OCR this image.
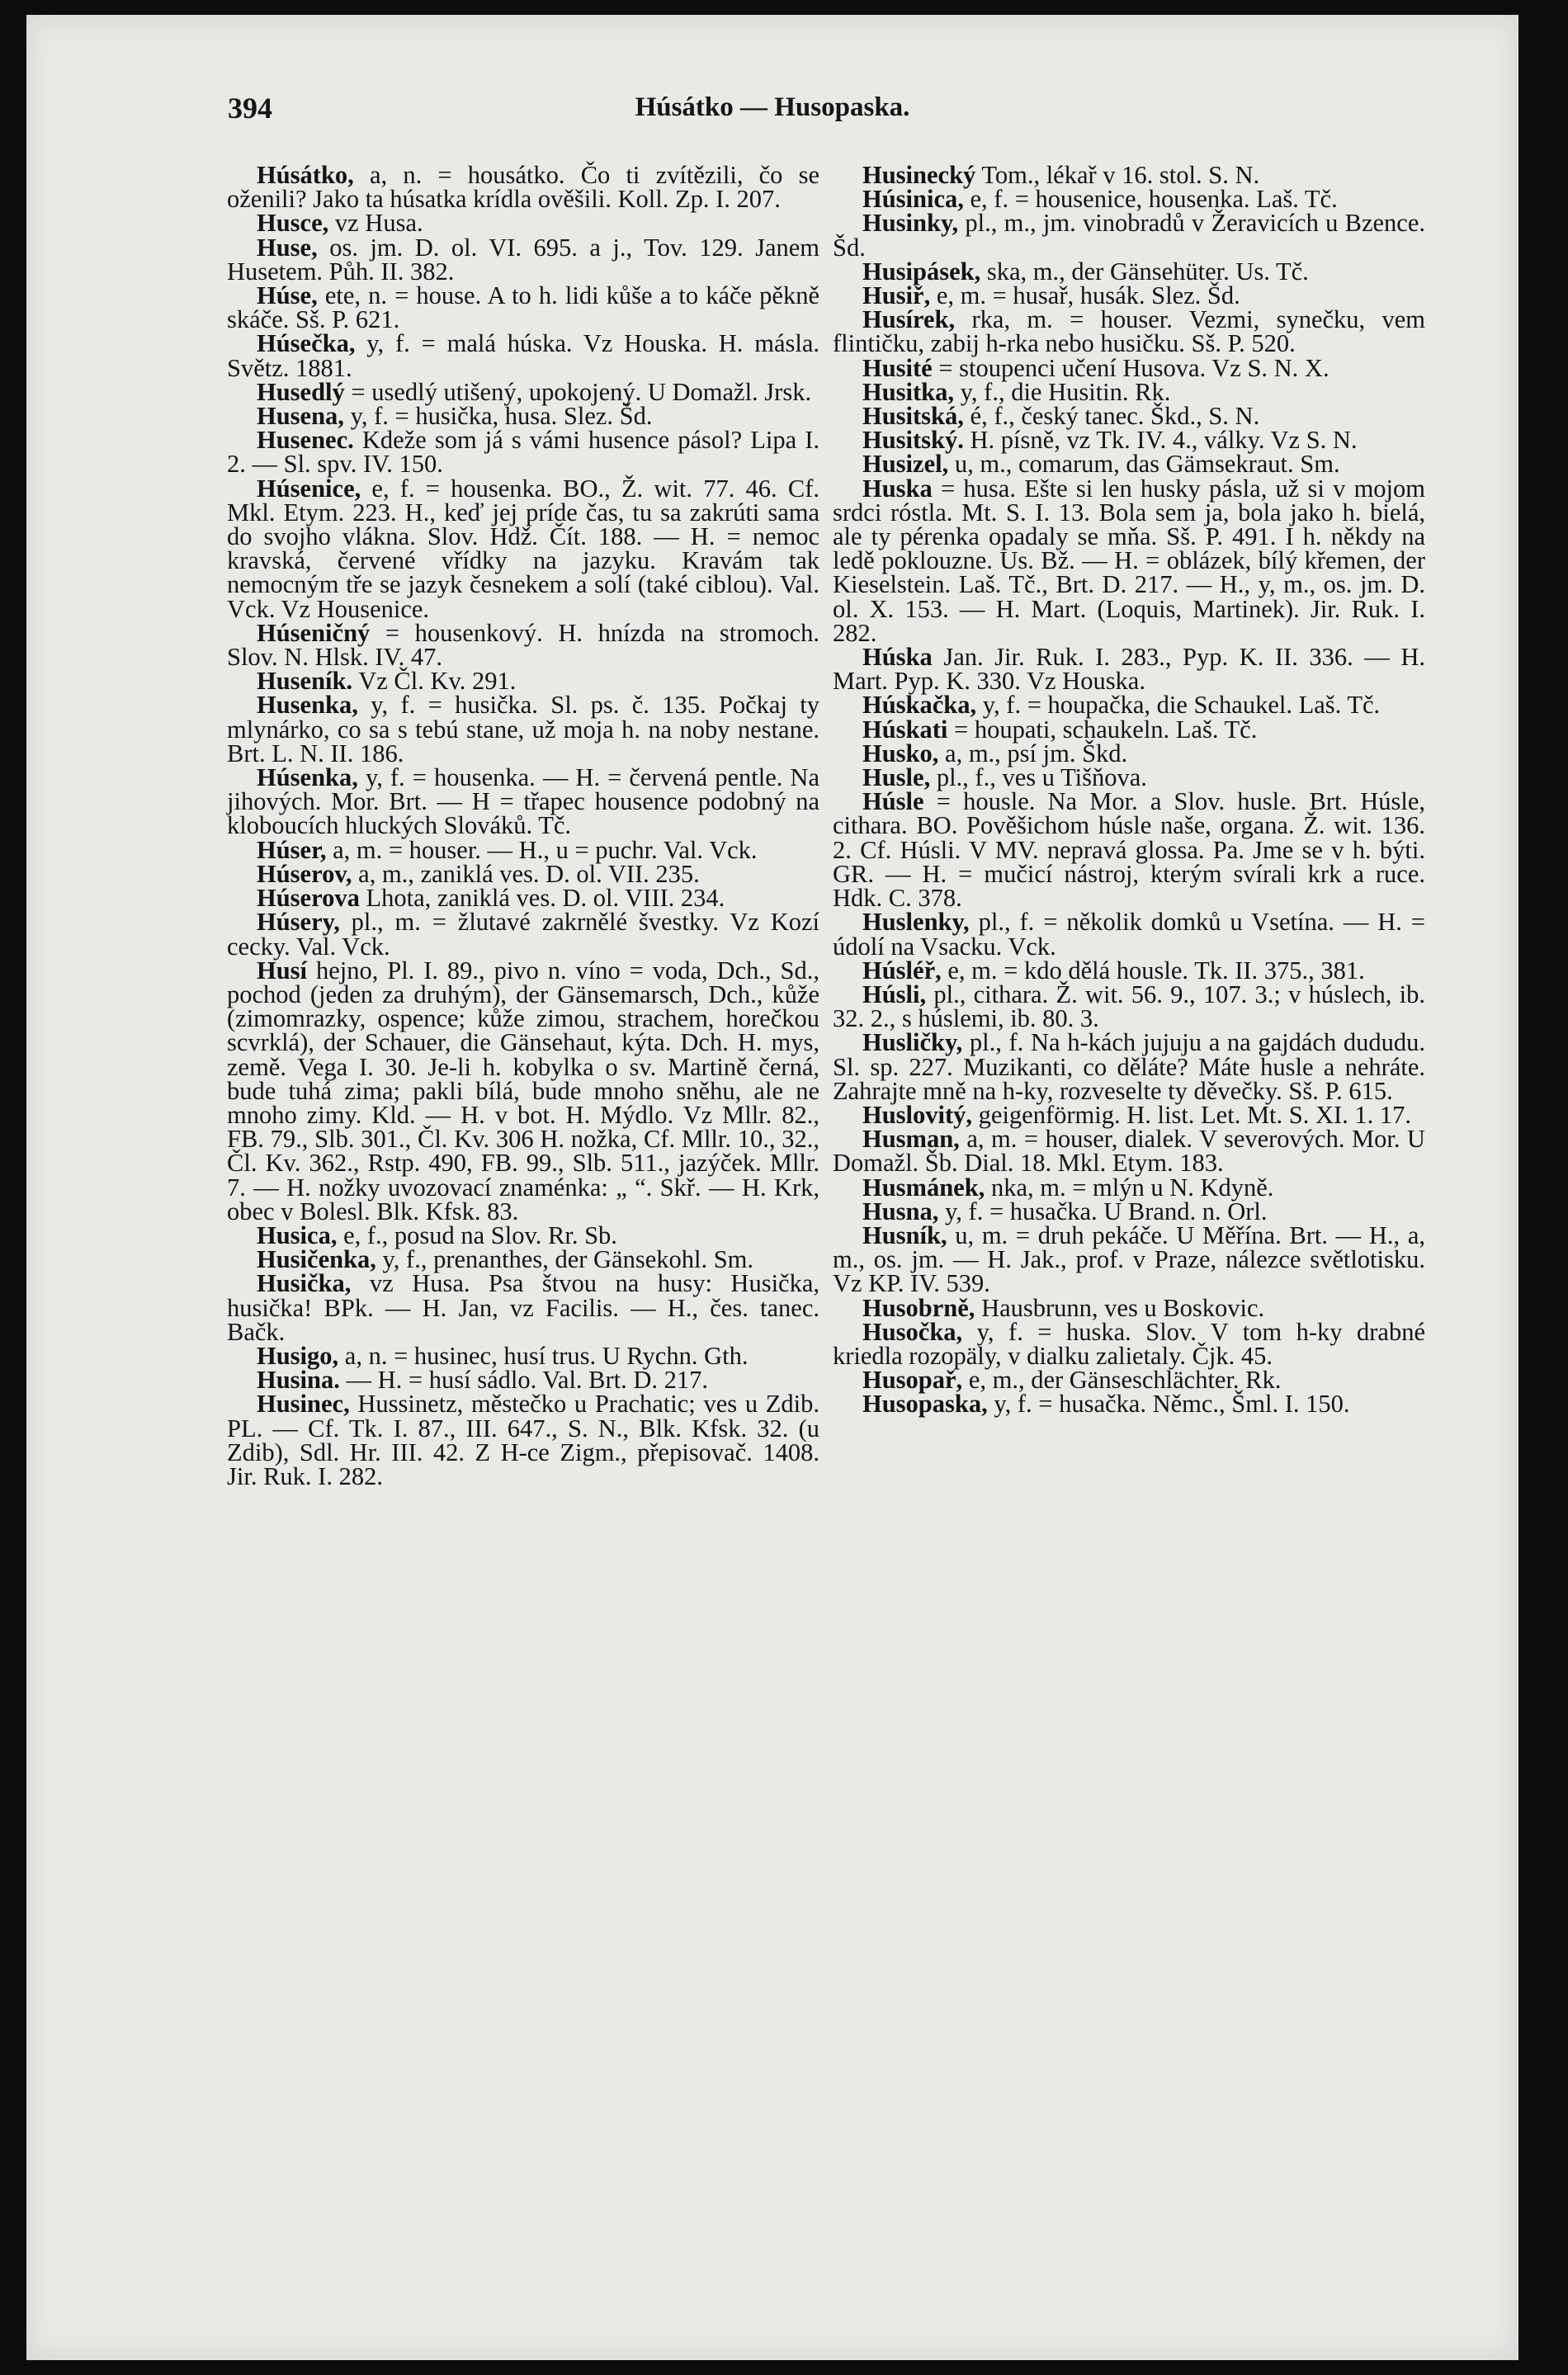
394	Húsátko — Husopaska.

Húsátko, a, n. = housátko. Čo ti zvítězili, čo se oženili? Jako ta húsatka krídla ověšili. Koll. Zp. I. 207.

Husce, vz Husa.

Huse, os. jm. D. ol. VI. 695. a j., Tov. 129. Janem Husetem. Půh. II. 382.

Húse, ete, n. = house. A to h. lidi kůše a to káče pěkně skáče. Sš. P. 621.

Húsečka, y, f. = malá húska. Vz Houska. H. másla. Světz. 1881.

Husedlý = usedlý utišený, upokojený. U Domažl. Jrsk.

Husena, y, f. = husička, husa. Slez. Šd.

Husenec. Kdeže som já s vámi husence pásol? Lipa I. 2. — Sl. spv. IV. 150.

Húsenice, e, f. = housenka. BO., Ž. wit. 77. 46. Cf. Mkl. Etym. 223. H., keď jej príde čas, tu sa zakrúti sama do svojho vlákna. Slov. Hdž. Čít. 188. — H. = nemoc kravská, červené vřídky na jazyku. Kravám tak nemocným tře se jazyk česnekem a solí (také ciblou). Val. Vck. Vz Housenice.

Húseničný = housenkový. H. hnízda na stromoch. Slov. N. Hlsk. IV. 47.

Huseník. Vz Čl. Kv. 291.

Husenka, y, f. = husička. Sl. ps. č. 135. Počkaj ty mlynárko, co sa s tebú stane, už moja h. na noby nestane. Brt. L. N. II. 186.

Húsenka, y, f. = housenka. — H. = červená pentle. Na jihových. Mor. Brt. — H = třapec housence podobný na kloboucích hluckých Slováků. Tč.

Húser, a, m. = houser. — H., u = puchr. Val. Vck.

Húserov, a, m., zaniklá ves. D. ol. VII. 235.

Húserova Lhota, zaniklá ves. D. ol. VIII. 234.

Húsery, pl., m. = žlutavé zakrnělé švestky. Vz Kozí cecky. Val. Vck.

Husí hejno, Pl. I. 89., pivo n. víno = voda, Dch., Sd., pochod (jeden za druhým), der Gänsemarsch, Dch., kůže (zimomrazky, ospence; kůže zimou, strachem, horečkou scvrklá), der Schauer, die Gänsehaut, kýta. Dch. H. mys, země. Vega I. 30. Je-li h. kobylka o sv. Martině černá, bude tuhá zima; pakli bílá, bude mnoho sněhu, ale ne mnoho zimy. Kld. — H. v bot. H. Mýdlo. Vz Mllr. 82., FB. 79., Slb. 301., Čl. Kv. 306 H. nožka, Cf. Mllr. 10., 32., Čl. Kv. 362., Rstp. 490, FB. 99., Slb. 511., jazýček. Mllr. 7. — H. nožky uvozovací znaménka: „ “. Skř. — H. Krk, obec v Bolesl. Blk. Kfsk. 83.

Husica, e, f., posud na Slov. Rr. Sb.

Husičenka, y, f., prenanthes, der Gänsekohl. Sm.

Husička, vz Husa. Psa štvou na husy: Husička, husička! BPk. — H. Jan, vz Facilis. — H., čes. tanec. Bačk.

Husigo, a, n. = husinec, husí trus. U Rychn. Gth.

Husina. — H. = husí sádlo. Val. Brt. D. 217.

Husinec, Hussinetz, městečko u Prachatic; ves u Zdib. PL. — Cf. Tk. I. 87., III. 647., S. N., Blk. Kfsk. 32. (u Zdib), Sdl. Hr. III. 42. Z H-ce Zigm., přepisovač. 1408. Jir. Ruk. I. 282.

Husinecký Tom., lékař v 16. stol. S. N.

Húsinica, e, f. = housenice, housenka. Laš. Tč.

Husinky, pl., m., jm. vinobradů v Žeravicích u Bzence. Šd.

Husipásek, ska, m., der Gänsehüter. Us. Tč.

Husiř, e, m. = husař, husák. Slez. Šd.

Husírek, rka, m. = houser. Vezmi, synečku, vem flintičku, zabij h-rka nebo husičku. Sš. P. 520.

Husité = stoupenci učení Husova. Vz S. N. X.

Husitka, y, f., die Husitin. Rk.

Husitská, é, f., český tanec. Škd., S. N.

Husitský. H. písně, vz Tk. IV. 4., války. Vz S. N.

Husizel, u, m., comarum, das Gämsekraut. Sm.

Huska = husa. Ešte si len husky pásla, už si v mojom srdci róstla. Mt. S. I. 13. Bola sem ja, bola jako h. bielá, ale ty pérenka opadaly se mňa. Sš. P. 491. I h. někdy na ledě poklouzne. Us. Bž. — H. = oblázek, bílý křemen, der Kieselstein. Laš. Tč., Brt. D. 217. — H., y, m., os. jm. D. ol. X. 153. — H. Mart. (Loquis, Martinek). Jir. Ruk. I. 282.

Húska Jan. Jir. Ruk. I. 283., Pyp. K. II. 336. — H. Mart. Pyp. K. 330. Vz Houska.

Húskačka, y, f. = houpačka, die Schaukel. Laš. Tč.

Húskati = houpati, schaukeln. Laš. Tč.

Husko, a, m., psí jm. Škd.

Husle, pl., f., ves u Tišňova.

Húsle = housle. Na Mor. a Slov. husle. Brt. Húsle, cithara. BO. Pověšichom húsle naše, organa. Ž. wit. 136. 2. Cf. Húsli. V MV. nepravá glossa. Pa. Jme se v h. býti. GR. — H. = mučicí nástroj, kterým svírali krk a ruce. Hdk. C. 378.

Huslenky, pl., f. = několik domků u Vsetína. — H. = údolí na Vsacku. Vck.

Húsléř, e, m. = kdo dělá housle. Tk. II. 375., 381.

Húsli, pl., cithara. Ž. wit. 56. 9., 107. 3.; v húslech, ib. 32. 2., s húslemi, ib. 80. 3.

Husličky, pl., f. Na h-kách jujuju a na gajdách dududu. Sl. sp. 227. Muzikanti, co děláte? Máte husle a nehráte. Zahrajte mně na h-ky, rozveselte ty děvečky. Sš. P. 615.

Huslovitý, geigenförmig. H. list. Let. Mt. S. XI. 1. 17.

Husman, a, m. = houser, dialek. V severových. Mor. U Domažl. Šb. Dial. 18. Mkl. Etym. 183.

Husmánek, nka, m. = mlýn u N. Kdyně.

Husna, y, f. = husačka. U Brand. n. Orl.

Husník, u, m. = druh pekáče. U Měřína. Brt. — H., a, m., os. jm. — H. Jak., prof. v Praze, nálezce světlotisku. Vz KP. IV. 539.

Husobrně, Hausbrunn, ves u Boskovic.

Husočka, y, f. = huska. Slov. V tom h-ky drabné kriedla rozopäly, v dialku zalietaly. Čjk. 45.

Husopař, e, m., der Gänseschlächter. Rk.

Husopaska, y, f. = husačka. Němc., Šml. I. 150.
